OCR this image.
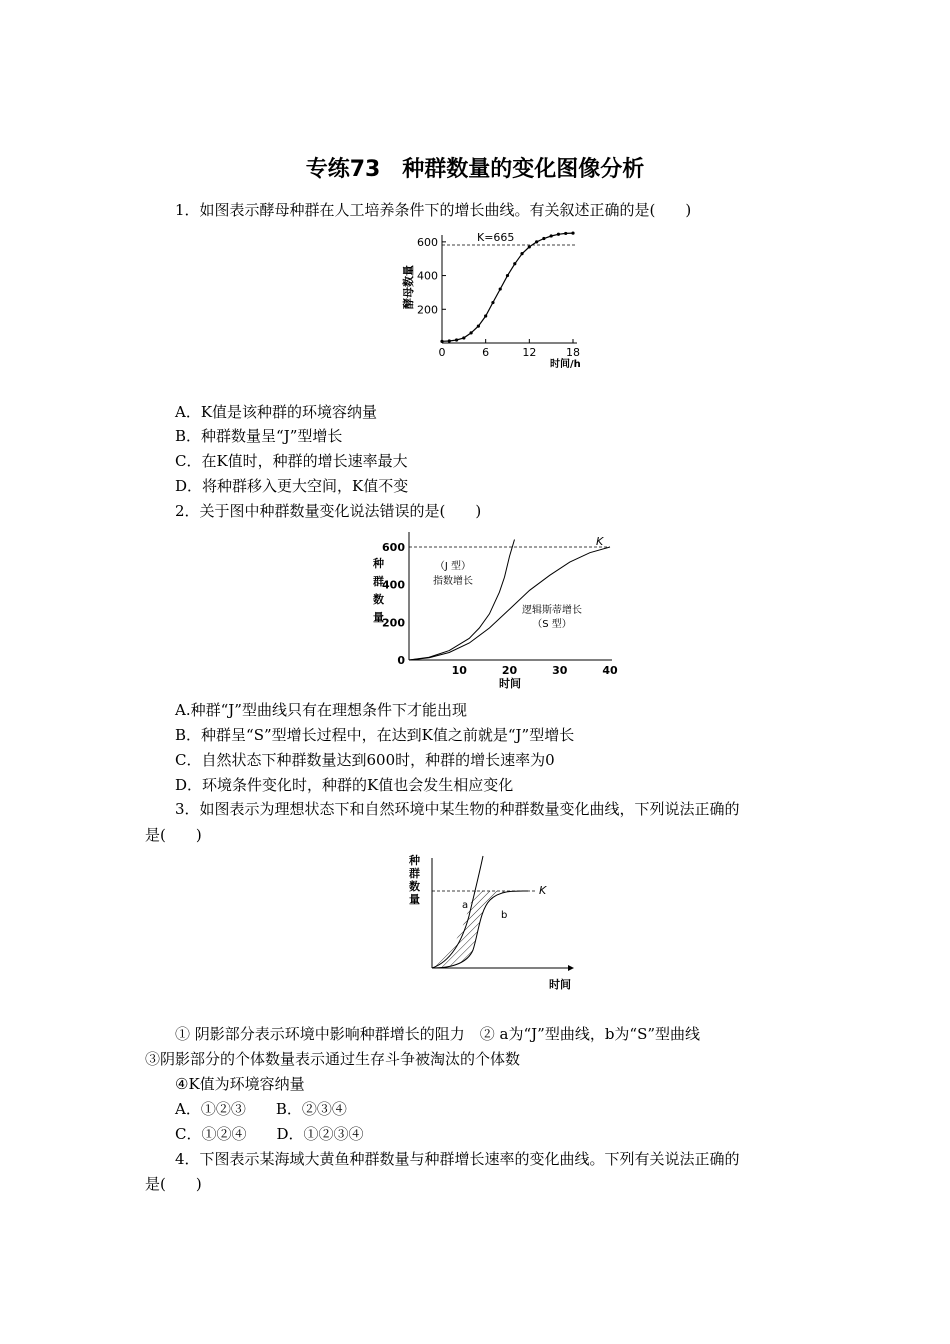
专练73　种群数量的变化图像分析
1．如图表示酵母种群在人工培养条件下的增长曲线。有关叙述正确的是(　　)
K=665
200
400
600
0	6	12	18
时间/h
酵母数量
A．K值是该种群的环境容纳量
B．种群数量呈“J”型增长
C．在K值时，种群的增长速率最大
D．将种群移入更大空间，K值不变
2．关于图中种群数量变化说法错误的是(　　)
K
0
200
400
600
10	20	30	40
（J 型）
指数增长
逻辑斯蒂增长
（S 型）
时间
种群数量
A.种群“J”型曲线只有在理想条件下才能出现
B．种群呈“S”型增长过程中，在达到K值之前就是“J”型增长
C．自然状态下种群数量达到600时，种群的增长速率为0
D．环境条件变化时，种群的K值也会发生相应变化
3．如图表示为理想状态下和自然环境中某生物的种群数量变化曲线，下列说法正确的
是(　　)
K
a
b
时间
种群数量
① 阴影部分表示环境中影响种群增长的阻力　② a为“J”型曲线，b为“S”型曲线
③阴影部分的个体数量表示通过生存斗争被淘汰的个体数
④K值为环境容纳量
A．①②③　　B．②③④
C．①②④　　D．①②③④
4．下图表示某海域大黄鱼种群数量与种群增长速率的变化曲线。下列有关说法正确的
是(　　)
